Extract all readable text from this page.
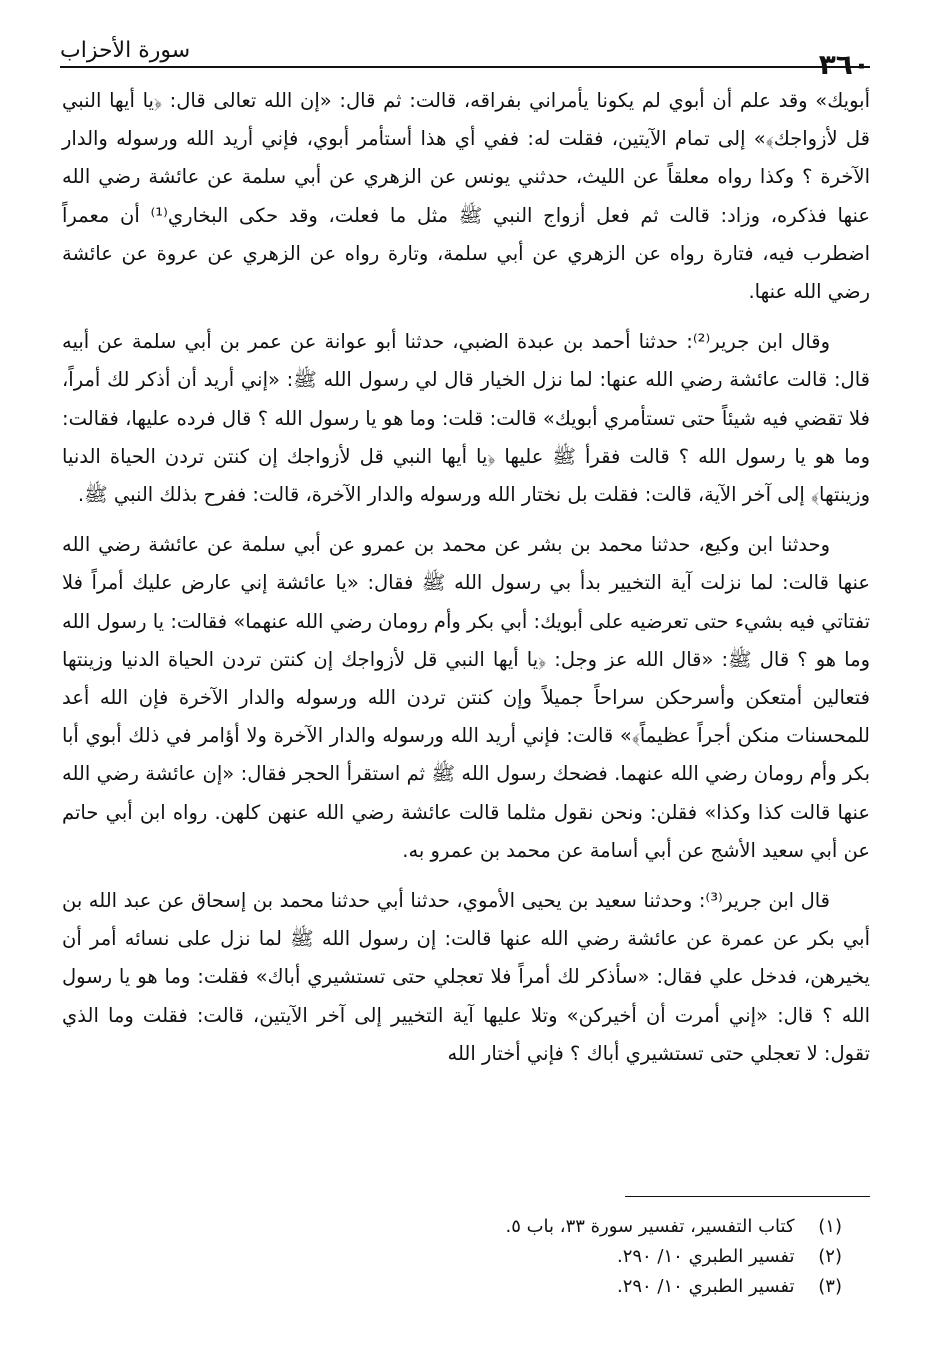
٣٦٠
سورة الأحزاب

أبويك» وقد علم أن أبوي لم يكونا يأمراني بفراقه، قالت: ثم قال: «إن الله تعالى قال: ﴿يا أيها النبي قل لأزواجك﴾» إلى تمام الآيتين، فقلت له: ففي أي هذا أستأمر أبوي، فإني أريد الله ورسوله والدار الآخرة ؟ وكذا رواه معلقاً عن الليث، حدثني يونس عن الزهري عن أبي سلمة عن عائشة رضي الله عنها فذكره، وزاد: قالت ثم فعل أزواج النبي ﷺ مثل ما فعلت، وقد حكى البخاري⁽¹⁾ أن معمراً اضطرب فيه، فتارة رواه عن الزهري عن أبي سلمة، وتارة رواه عن الزهري عن عروة عن عائشة رضي الله عنها.

وقال ابن جرير⁽²⁾: حدثنا أحمد بن عبدة الضبي، حدثنا أبو عوانة عن عمر بن أبي سلمة عن أبيه قال: قالت عائشة رضي الله عنها: لما نزل الخيار قال لي رسول الله ﷺ: «إني أريد أن أذكر لك أمراً، فلا تقضي فيه شيئاً حتى تستأمري أبويك» قالت: قلت: وما هو يا رسول الله ؟ قال فرده عليها، فقالت: وما هو يا رسول الله ؟ قالت فقرأ ﷺ عليها ﴿يا أيها النبي قل لأزواجك إن كنتن تردن الحياة الدنيا وزينتها﴾ إلى آخر الآية، قالت: فقلت بل نختار الله ورسوله والدار الآخرة، قالت: ففرح بذلك النبي ﷺ.

وحدثنا ابن وكيع، حدثنا محمد بن بشر عن محمد بن عمرو عن أبي سلمة عن عائشة رضي الله عنها قالت: لما نزلت آية التخيير بدأ بي رسول الله ﷺ فقال: «يا عائشة إني عارض عليك أمراً فلا تفتاتي فيه بشيء حتى تعرضيه على أبويك: أبي بكر وأم رومان رضي الله عنهما» فقالت: يا رسول الله وما هو ؟ قال ﷺ: «قال الله عز وجل: ﴿يا أيها النبي قل لأزواجك إن كنتن تردن الحياة الدنيا وزينتها فتعالين أمتعكن وأسرحكن سراحاً جميلاً وإن كنتن تردن الله ورسوله والدار الآخرة فإن الله أعد للمحسنات منكن أجراً عظيماً﴾» قالت: فإني أريد الله ورسوله والدار الآخرة ولا أؤامر في ذلك أبوي أبا بكر وأم رومان رضي الله عنهما. فضحك رسول الله ﷺ ثم استقرأ الحجر فقال: «إن عائشة رضي الله عنها قالت كذا وكذا» فقلن: ونحن نقول مثلما قالت عائشة رضي الله عنهن كلهن. رواه ابن أبي حاتم عن أبي سعيد الأشج عن أبي أسامة عن محمد بن عمرو به.

قال ابن جرير⁽³⁾: وحدثنا سعيد بن يحيى الأموي، حدثنا أبي حدثنا محمد بن إسحاق عن عبد الله بن أبي بكر عن عمرة عن عائشة رضي الله عنها قالت: إن رسول الله ﷺ لما نزل على نسائه أمر أن يخيرهن، فدخل علي فقال: «سأذكر لك أمراً فلا تعجلي حتى تستشيري أباك» فقلت: وما هو يا رسول الله ؟ قال: «إني أمرت أن أخيركن» وتلا عليها آية التخيير إلى آخر الآيتين، قالت: فقلت وما الذي تقول: لا تعجلي حتى تستشيري أباك ؟ فإني أختار الله

(١) كتاب التفسير، تفسير سورة ٣٣، باب ٥.
(٢) تفسير الطبري ١٠/ ٢٩٠.
(٣) تفسير الطبري ١٠/ ٢٩٠.
